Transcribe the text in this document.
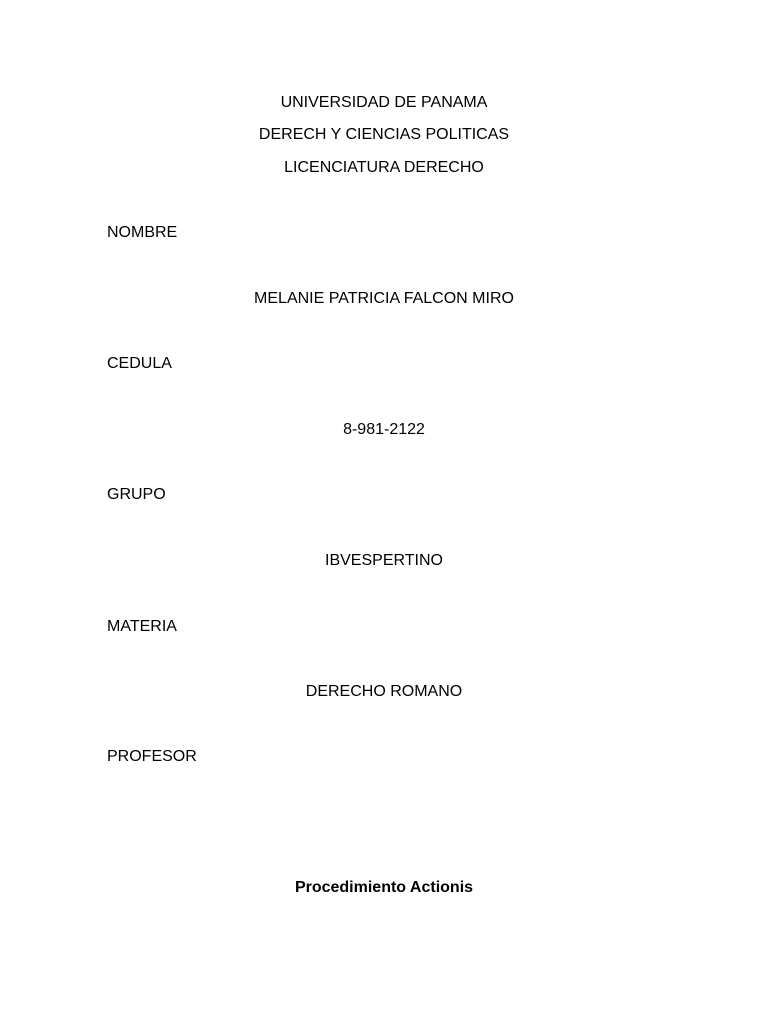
UNIVERSIDAD DE PANAMA
DERECH Y CIENCIAS POLITICAS
LICENCIATURA DERECHO
NOMBRE
MELANIE PATRICIA FALCON MIRO
CEDULA
8-981-2122
GRUPO
IBVESPERTINO
MATERIA
DERECHO ROMANO
PROFESOR
Procedimiento Actionis
